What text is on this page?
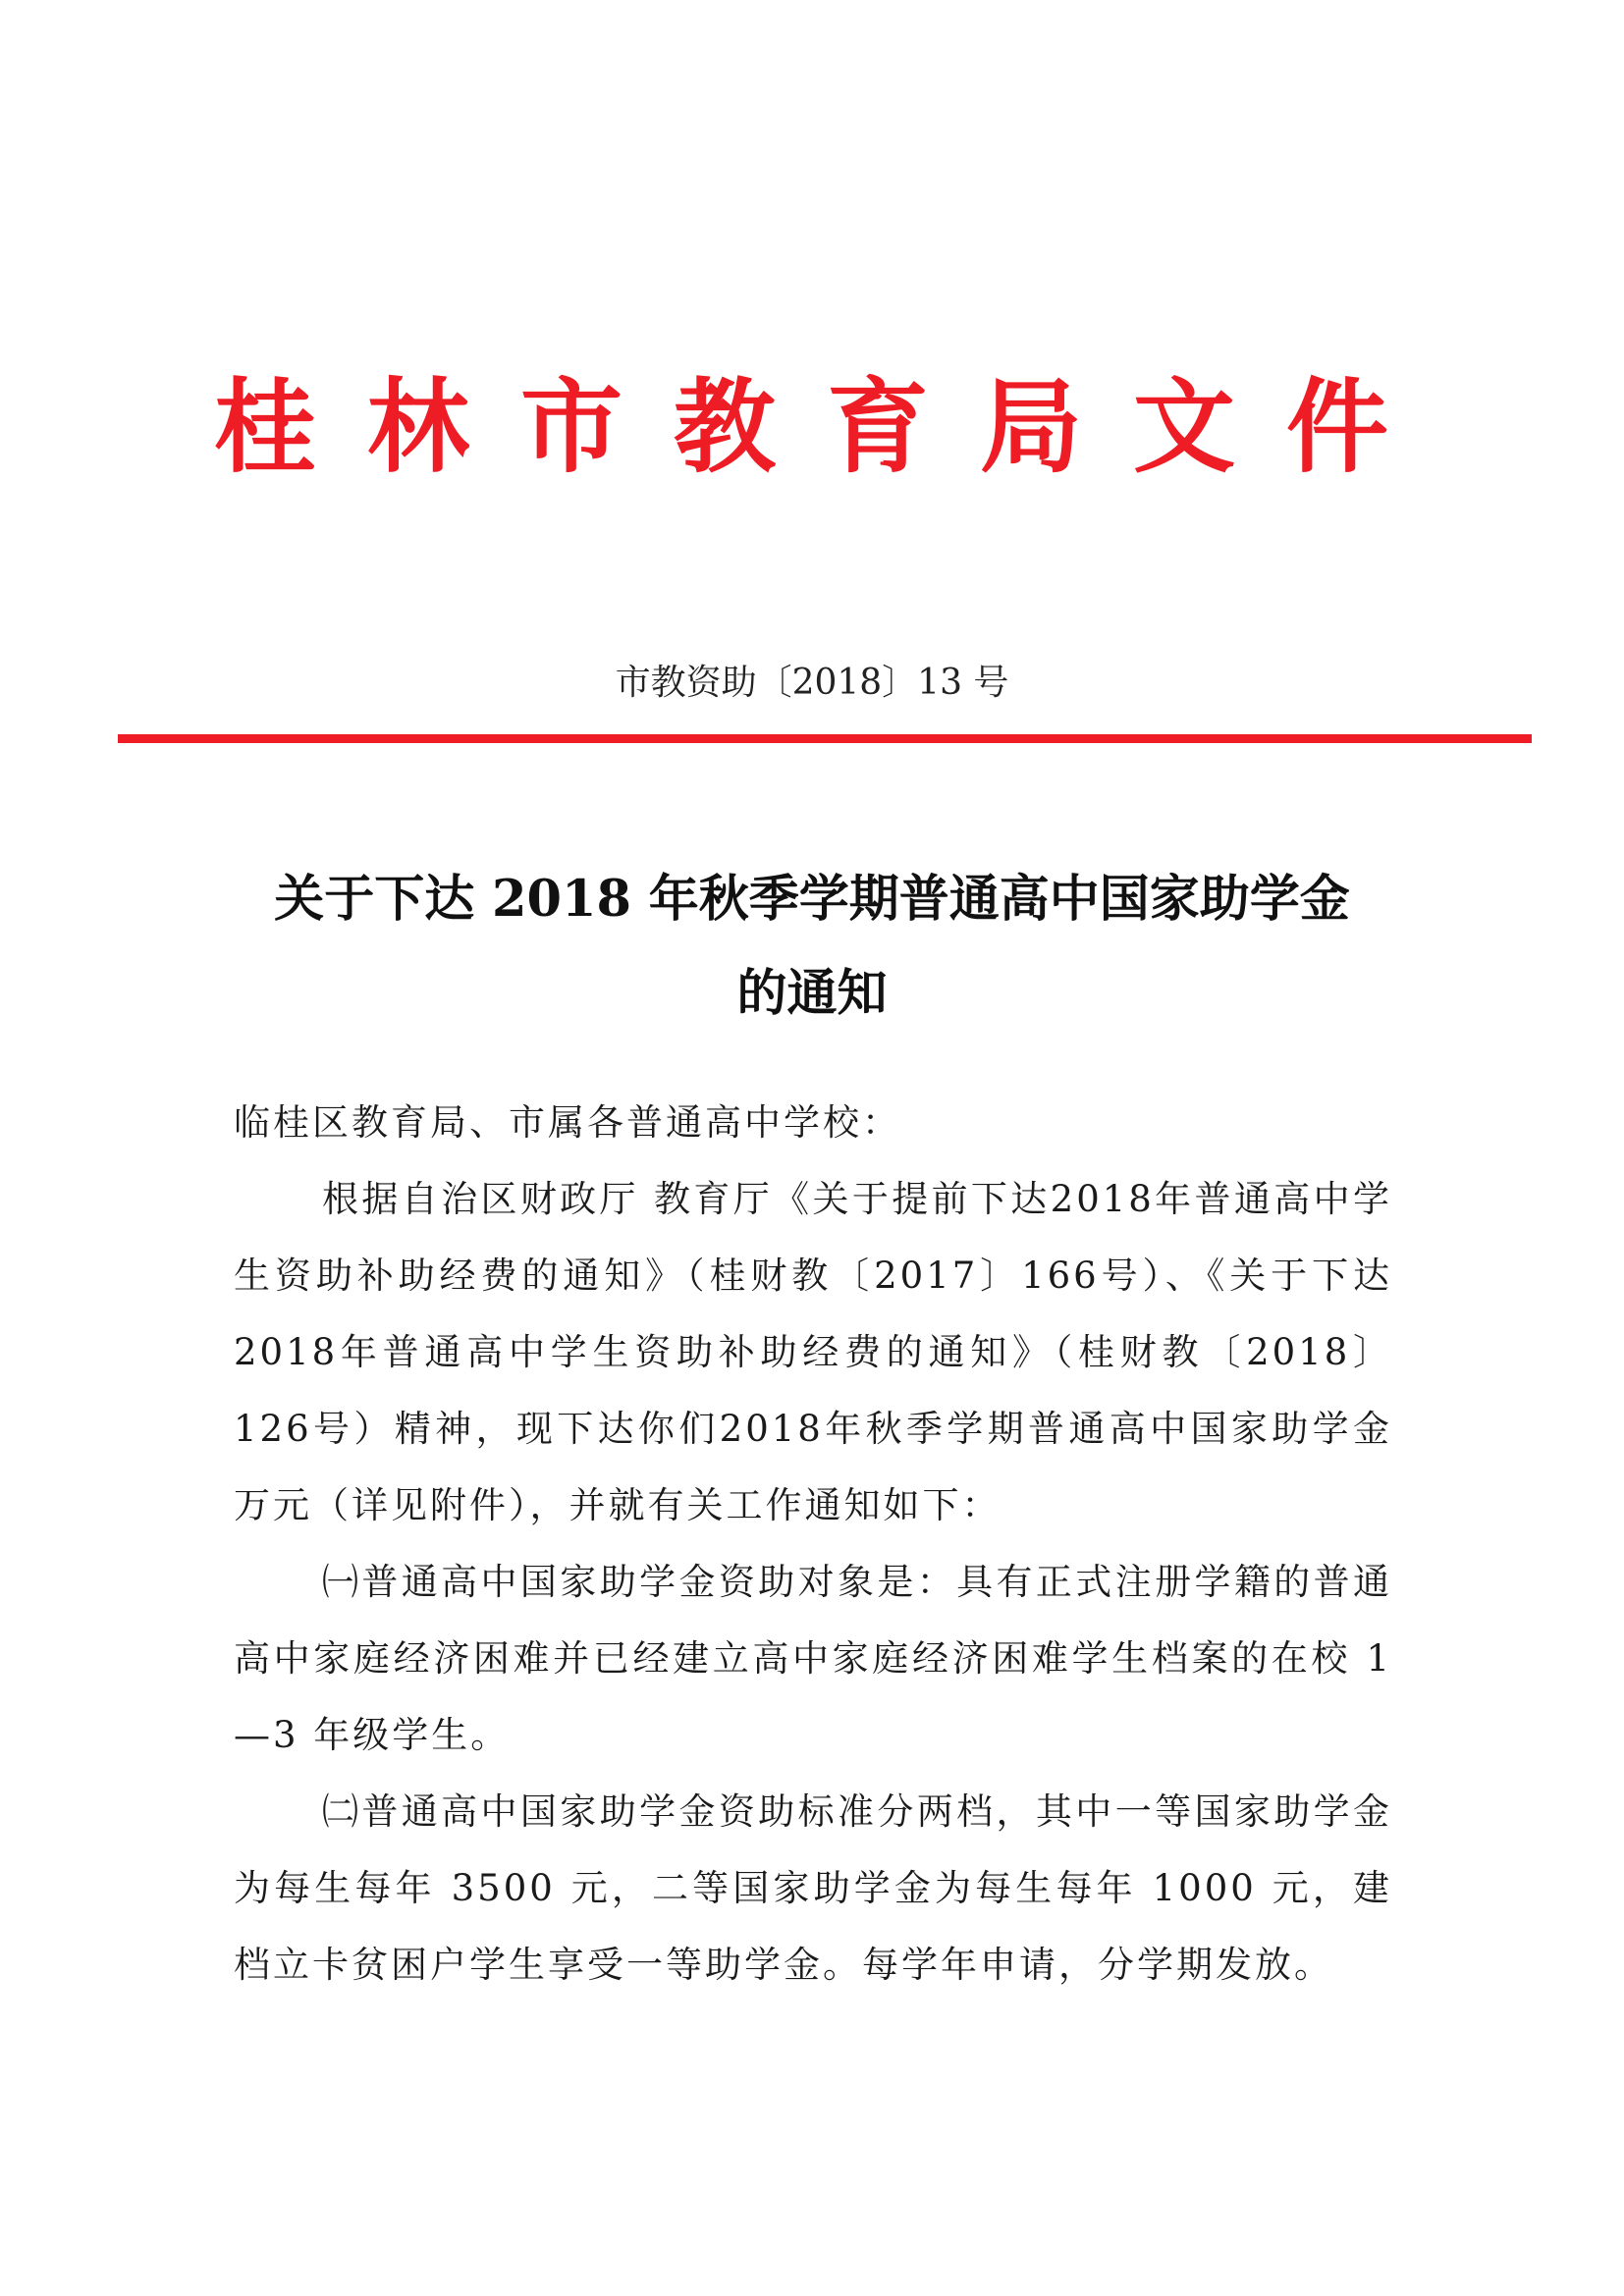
桂林市教育局文件
市教资助〔2018〕13 号
关于下达 2018 年秋季学期普通高中国家助学金
的通知

临桂区教育局、市属各普通高中学校：

根据自治区财政厅 教育厅《关于提前下达2018年普通高中学生资助补助经费的通知》（桂财教〔2017〕166号）、《关于下达2018年普通高中学生资助补助经费的通知》（桂财教〔2018〕126号）精神，现下达你们2018年秋季学期普通高中国家助学金 万元（详见附件），并就有关工作通知如下：

㈠普通高中国家助学金资助对象是：具有正式注册学籍的普通高中家庭经济困难并已经建立高中家庭经济困难学生档案的在校 1—3 年级学生。

㈡普通高中国家助学金资助标准分两档，其中一等国家助学金为每生每年 3500 元，二等国家助学金为每生每年 1000 元，建档立卡贫困户学生享受一等助学金。每学年申请，分学期发放。
